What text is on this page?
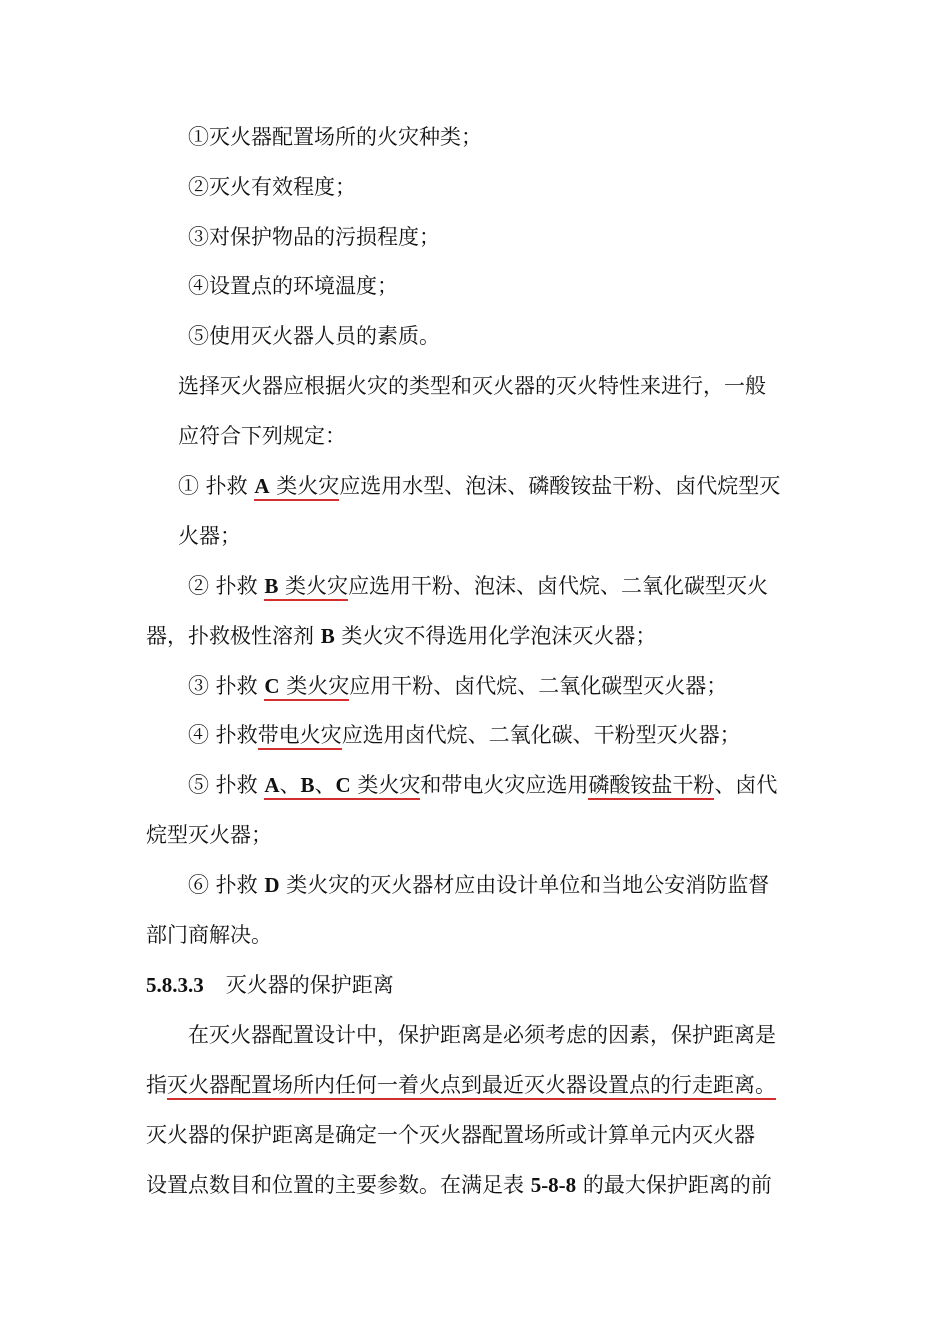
①灭火器配置场所的火灾种类；
②灭火有效程度；
③对保护物品的污损程度；
④设置点的环境温度；
⑤使用灭火器人员的素质。
选择灭火器应根据火灾的类型和灭火器的灭火特性来进行，一般
应符合下列规定：
① 扑救 A 类火灾应选用水型、泡沫、磷酸铵盐干粉、卤代烷型灭
火器；
② 扑救 B 类火灾应选用干粉、泡沫、卤代烷、二氧化碳型灭火
器，扑救极性溶剂 B 类火灾不得选用化学泡沫灭火器；
③ 扑救 C 类火灾应用干粉、卤代烷、二氧化碳型灭火器；
④ 扑救带电火灾应选用卤代烷、二氧化碳、干粉型灭火器；
⑤ 扑救 A、B、C 类火灾和带电火灾应选用磷酸铵盐干粉、卤代
烷型灭火器；
⑥ 扑救 D 类火灾的灭火器材应由设计单位和当地公安消防监督
部门商解决。
5.8.3.3 灭火器的保护距离
在灭火器配置设计中，保护距离是必须考虑的因素，保护距离是
指灭火器配置场所内任何一着火点到最近灭火器设置点的行走距离。
灭火器的保护距离是确定一个灭火器配置场所或计算单元内灭火器
设置点数目和位置的主要参数。在满足表 5-8-8 的最大保护距离的前
